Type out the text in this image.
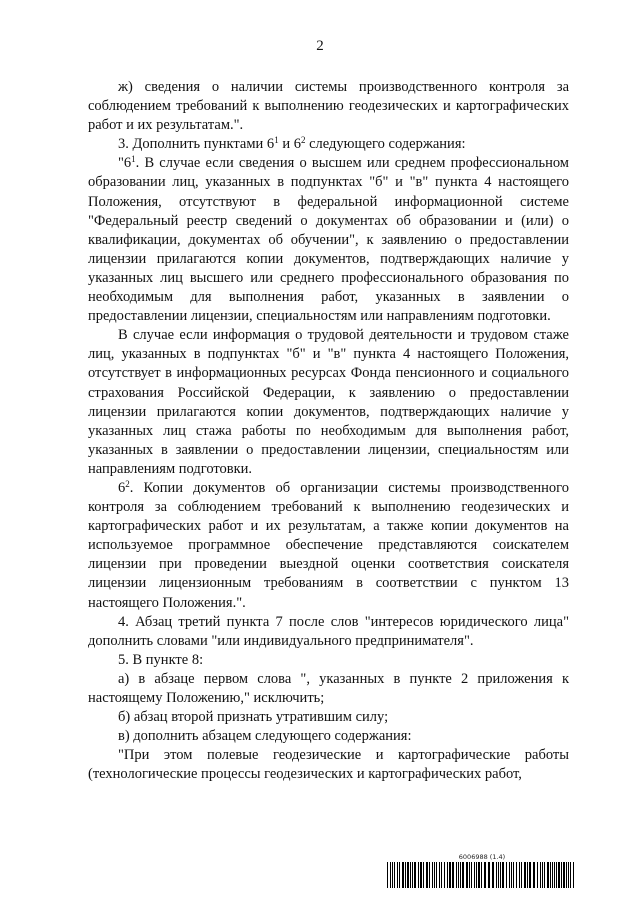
2

ж) сведения о наличии системы производственного контроля за соблюдением требований к выполнению геодезических и картографических работ и их результатам.".

3. Дополнить пунктами $6^1$ и $6^2$ следующего содержания:

"$6^1$. В случае если сведения о высшем или среднем профессиональном образовании лиц, указанных в подпунктах "б" и "в" пункта 4 настоящего Положения, отсутствуют в федеральной информационной системе "Федеральный реестр сведений о документах об образовании и (или) о квалификации, документах об обучении", к заявлению о предоставлении лицензии прилагаются копии документов, подтверждающих наличие у указанных лиц высшего или среднего профессионального образования по необходимым для выполнения работ, указанных в заявлении о предоставлении лицензии, специальностям или направлениям подготовки.

В случае если информация о трудовой деятельности и трудовом стаже лиц, указанных в подпунктах "б" и "в" пункта 4 настоящего Положения, отсутствует в информационных ресурсах Фонда пенсионного и социального страхования Российской Федерации, к заявлению о предоставлении лицензии прилагаются копии документов, подтверждающих наличие у указанных лиц стажа работы по необходимым для выполнения работ, указанных в заявлении о предоставлении лицензии, специальностям или направлениям подготовки.

$6^2$. Копии документов об организации системы производственного контроля за соблюдением требований к выполнению геодезических и картографических работ и их результатам, а также копии документов на используемое программное обеспечение представляются соискателем лицензии при проведении выездной оценки соответствия соискателя лицензии лицензионным требованиям в соответствии с пунктом 13 настоящего Положения.".

4. Абзац третий пункта 7 после слов "интересов юридического лица" дополнить словами "или индивидуального предпринимателя".

5. В пункте 8:

а) в абзаце первом слова ", указанных в пункте 2 приложения к настоящему Положению," исключить;

б) абзац второй признать утратившим силу;

в) дополнить абзацем следующего содержания:

"При этом полевые геодезические и картографические работы (технологические процессы геодезических и картографических работ,

6006988 (1.4)
